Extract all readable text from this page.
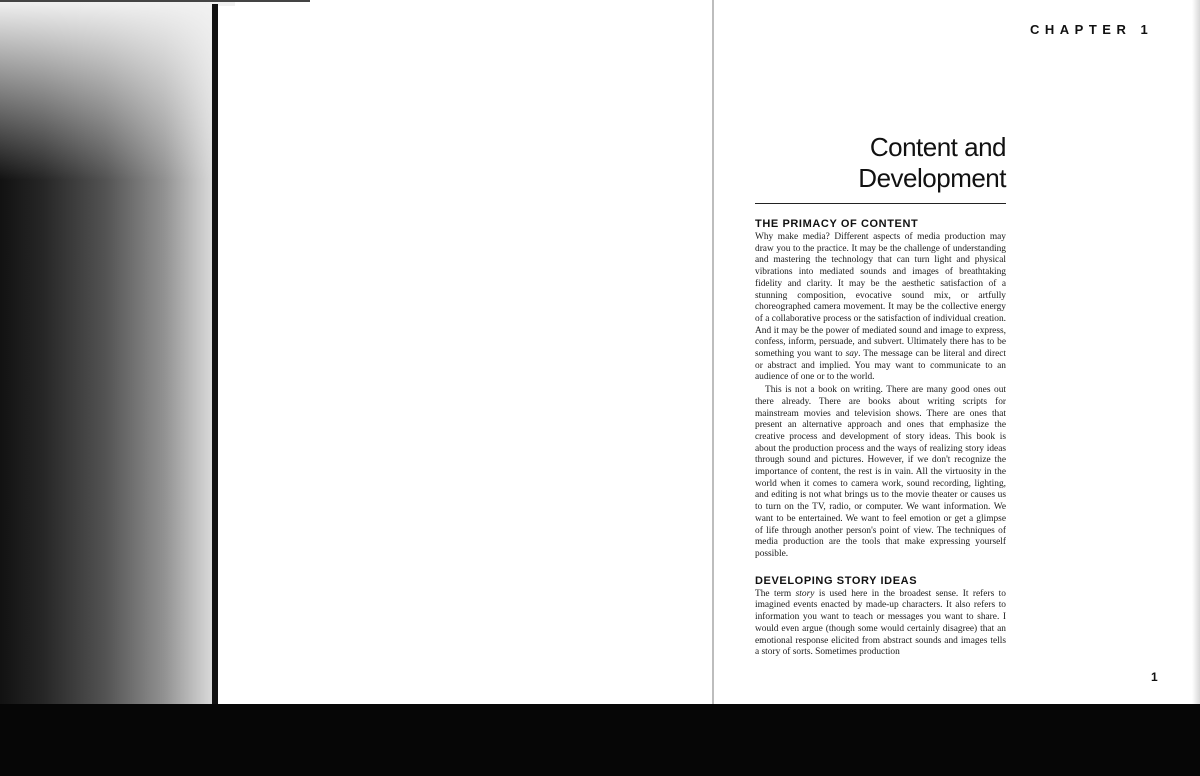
CHAPTER 1
Content and
Development
THE PRIMACY OF CONTENT

Why make media? Different aspects of media production may draw you to the practice. It may be the challenge of understanding and mastering the technology that can turn light and physical vibrations into mediated sounds and images of breathtaking fidelity and clarity. It may be the aesthetic satisfaction of a stunning composition, evocative sound mix, or artfully choreographed camera movement. It may be the collective energy of a collaborative process or the satisfaction of individual creation. And it may be the power of mediated sound and image to express, confess, inform, persuade, and subvert. Ultimately there has to be something you want to say. The message can be literal and direct or abstract and implied. You may want to communicate to an audience of one or to the world.

This is not a book on writing. There are many good ones out there already. There are books about writing scripts for mainstream movies and television shows. There are ones that present an alternative approach and ones that emphasize the creative process and development of story ideas. This book is about the production process and the ways of realizing story ideas through sound and pictures. However, if we don't recognize the importance of content, the rest is in vain. All the virtuosity in the world when it comes to camera work, sound recording, lighting, and editing is not what brings us to the movie theater or causes us to turn on the TV, radio, or computer. We want information. We want to be entertained. We want to feel emotion or get a glimpse of life through another person's point of view. The techniques of media production are the tools that make expressing yourself possible.

DEVELOPING STORY IDEAS

The term story is used here in the broadest sense. It refers to imagined events enacted by made-up characters. It also refers to information you want to teach or messages you want to share. I would even argue (though some would certainly disagree) that an emotional response elicited from abstract sounds and images tells a story of sorts. Sometimes production

1
